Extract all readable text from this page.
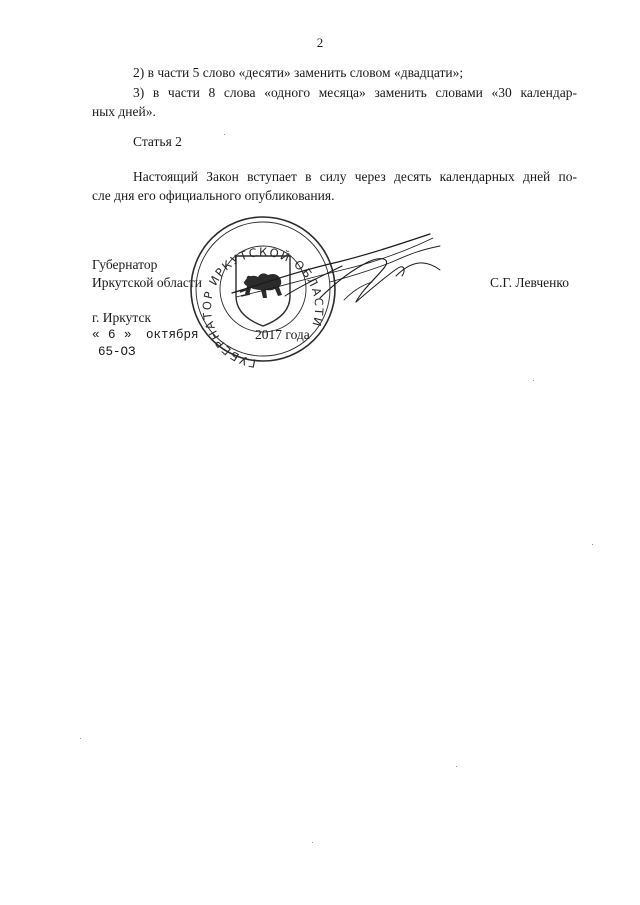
2
2) в части 5 слово «десяти» заменить словом «двадцати»;
3) в части 8 слова «одного месяца» заменить словами «30 календар-
ных дней».
Статья 2
Настоящий Закон вступает в силу через десять календарных дней по-
сле дня его официального опубликования.
Губернатор
Иркутской области	С.Г. Левченко
г. Иркутск
« 6 » октября	2017 года
65-ОЗ
ГУБЕРНАТОР ИРКУТСКОЙ ОБЛАСТИ
